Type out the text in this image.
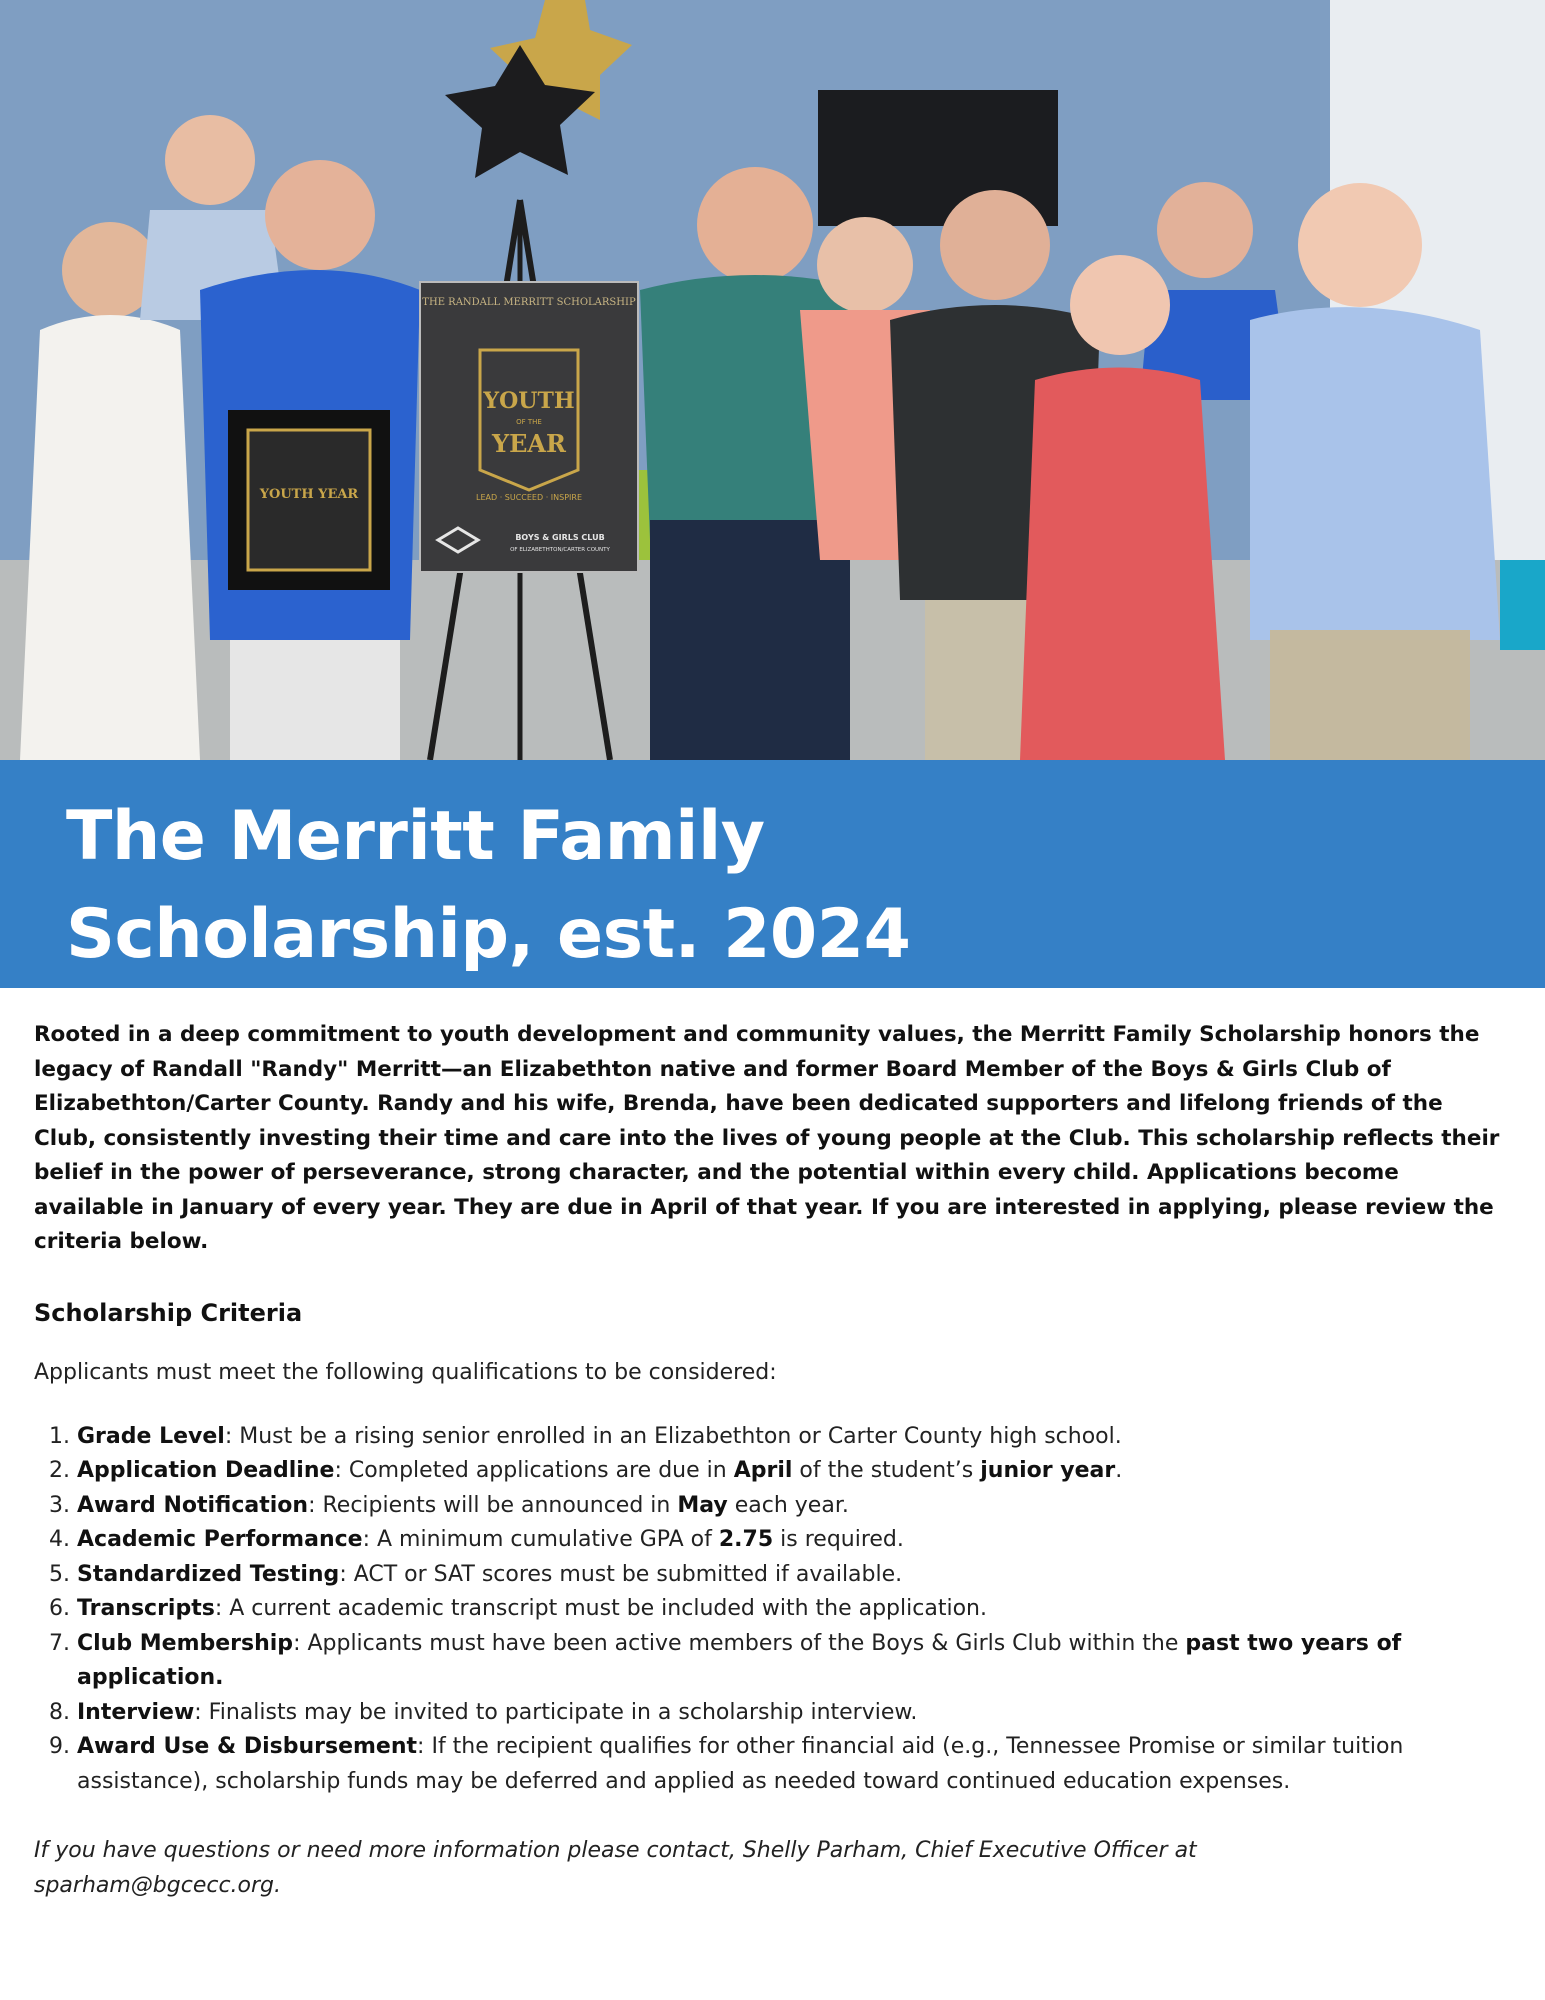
YOUTH YEAR
THE RANDALL MERRITT SCHOLARSHIP
YOUTH
OF THE
YEAR
LEAD · SUCCEED · INSPIRE
BOYS & GIRLS CLUB
OF ELIZABETHTON/CARTER COUNTY
The Merritt Family
Scholarship, est. 2024

Rooted in a deep commitment to youth development and community values, the Merritt Family Scholarship honors the legacy of Randall "Randy" Merritt—an Elizabethton native and former Board Member of the Boys & Girls Club of Elizabethton/Carter County. Randy and his wife, Brenda, have been dedicated supporters and lifelong friends of the Club, consistently investing their time and care into the lives of young people at the Club. This scholarship reflects their belief in the power of perseverance, strong character, and the potential within every child. Applications become available in January of every year. They are due in April of that year. If you are interested in applying, please review the criteria below.

Scholarship Criteria

Applicants must meet the following qualifications to be considered:

1. Grade Level: Must be a rising senior enrolled in an Elizabethton or Carter County high school.
2. Application Deadline: Completed applications are due in April of the student’s junior year.
3. Award Notification: Recipients will be announced in May each year.
4. Academic Performance: A minimum cumulative GPA of 2.75 is required.
5. Standardized Testing: ACT or SAT scores must be submitted if available.
6. Transcripts: A current academic transcript must be included with the application.
7. Club Membership: Applicants must have been active members of the Boys & Girls Club within the past two years of application.
8. Interview: Finalists may be invited to participate in a scholarship interview.
9. Award Use & Disbursement: If the recipient qualifies for other financial aid (e.g., Tennessee Promise or similar tuition assistance), scholarship funds may be deferred and applied as needed toward continued education expenses.

If you have questions or need more information please contact, Shelly Parham, Chief Executive Officer at
sparham@bgcecc.org.
